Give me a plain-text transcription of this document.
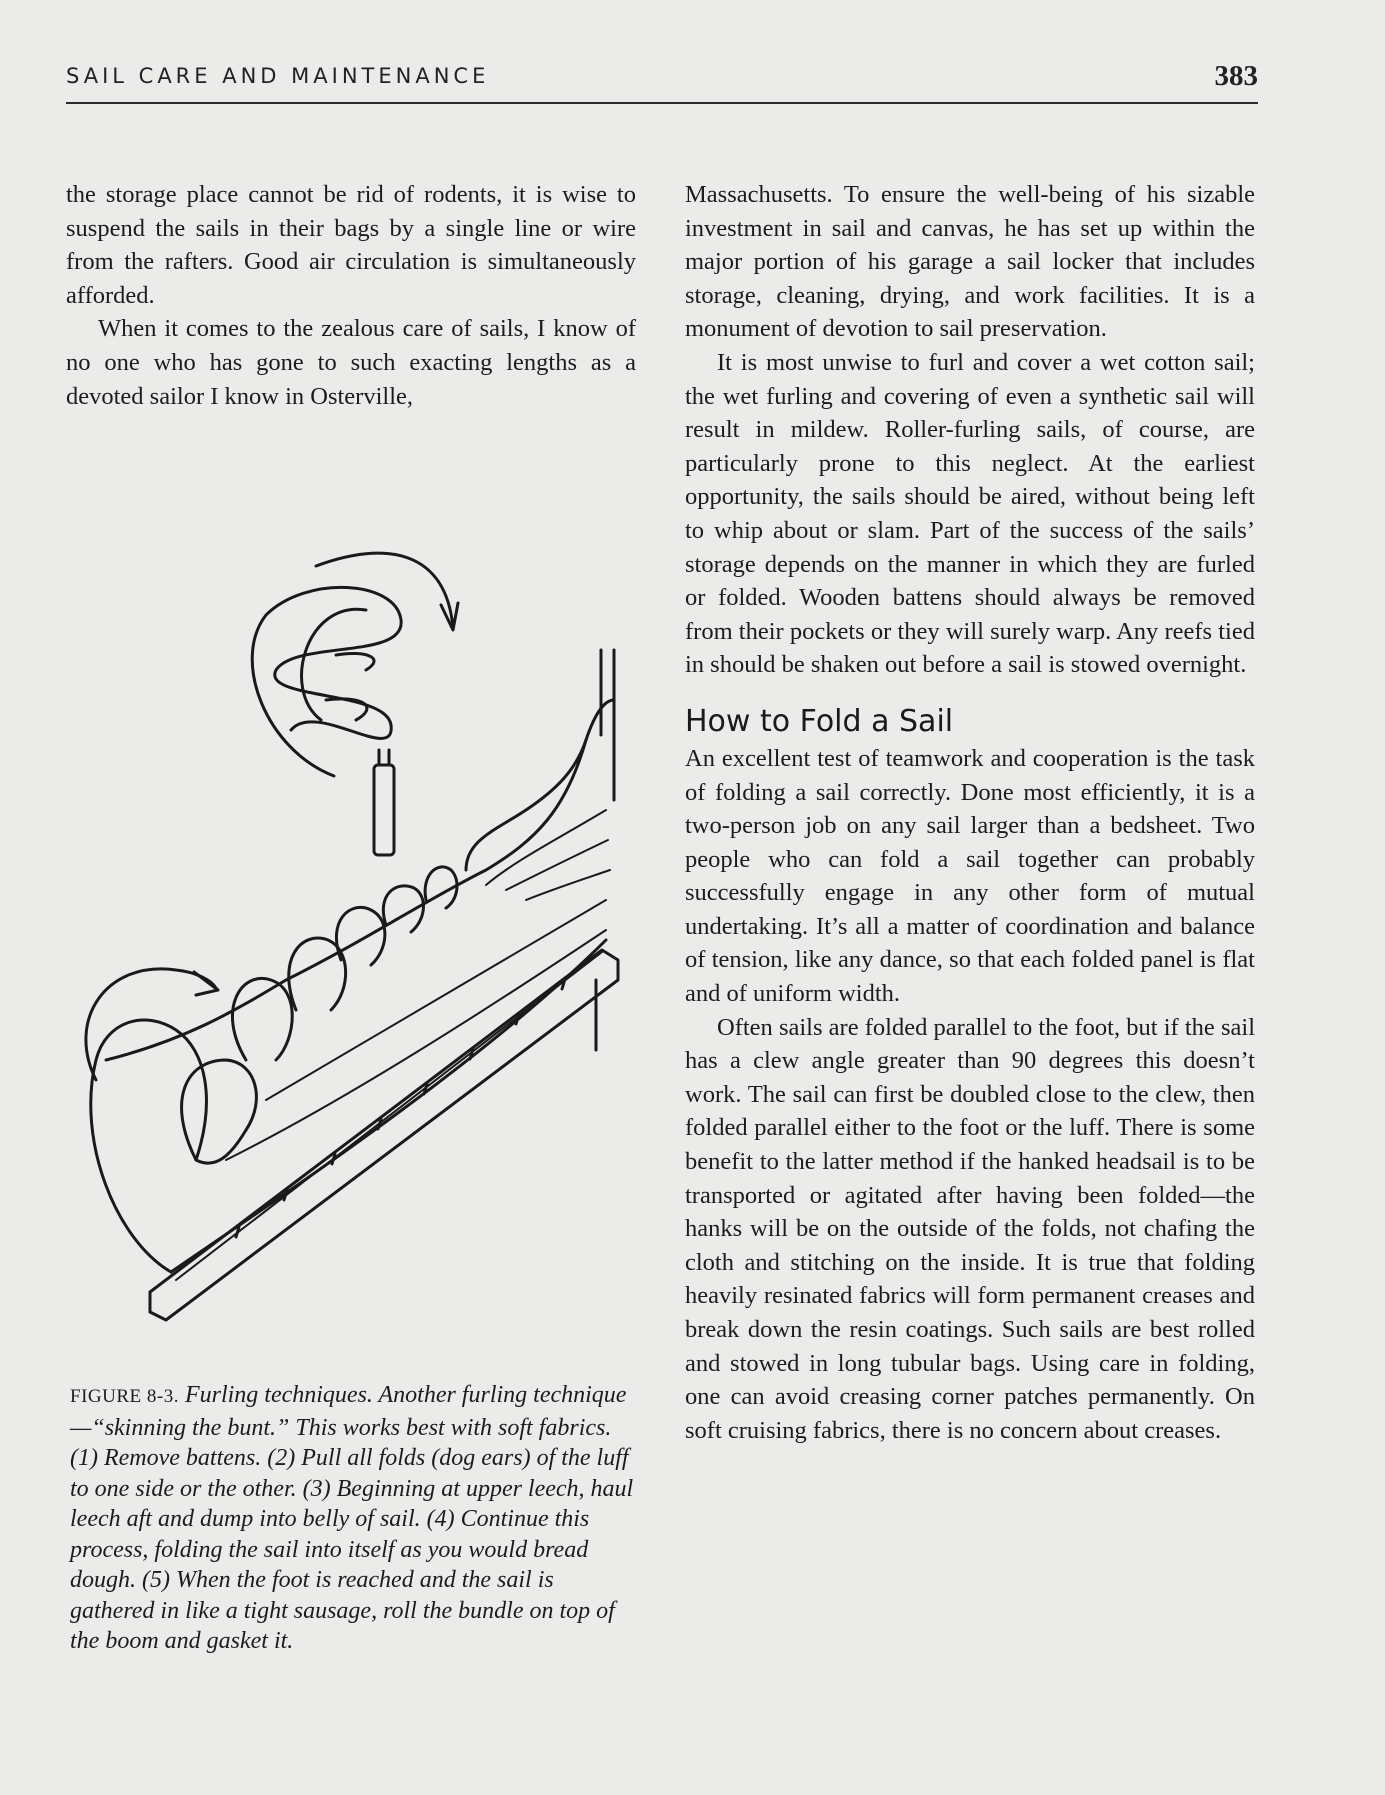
SAIL CARE AND MAINTENANCE	383

the storage place cannot be rid of rodents, it is wise to suspend the sails in their bags by a single line or wire from the rafters. Good air circulation is simultaneously afforded.

When it comes to the zealous care of sails, I know of no one who has gone to such exacting lengths as a devoted sailor I know in Osterville,

FIGURE 8-3. Furling techniques. Another furling technique—“skinning the bunt.” This works best with soft fabrics. (1) Remove battens. (2) Pull all folds (dog ears) of the luff to one side or the other. (3) Beginning at upper leech, haul leech aft and dump into belly of sail. (4) Continue this process, folding the sail into itself as you would bread dough. (5) When the foot is reached and the sail is gathered in like a tight sausage, roll the bundle on top of the boom and gasket it.

Massachusetts. To ensure the well-being of his sizable investment in sail and canvas, he has set up within the major portion of his garage a sail locker that includes storage, cleaning, drying, and work facilities. It is a monument of devotion to sail preservation.

It is most unwise to furl and cover a wet cotton sail; the wet furling and covering of even a synthetic sail will result in mildew. Roller-furling sails, of course, are particularly prone to this neglect. At the earliest opportunity, the sails should be aired, without being left to whip about or slam. Part of the success of the sails’ storage depends on the manner in which they are furled or folded. Wooden battens should always be removed from their pockets or they will surely warp. Any reefs tied in should be shaken out before a sail is stowed overnight.

How to Fold a Sail

An excellent test of teamwork and cooperation is the task of folding a sail correctly. Done most efficiently, it is a two-person job on any sail larger than a bedsheet. Two people who can fold a sail together can probably successfully engage in any other form of mutual undertaking. It’s all a matter of coordination and balance of tension, like any dance, so that each folded panel is flat and of uniform width.

Often sails are folded parallel to the foot, but if the sail has a clew angle greater than 90 degrees this doesn’t work. The sail can first be doubled close to the clew, then folded parallel either to the foot or the luff. There is some benefit to the latter method if the hanked headsail is to be transported or agitated after having been folded—the hanks will be on the outside of the folds, not chafing the cloth and stitching on the inside. It is true that folding heavily resinated fabrics will form permanent creases and break down the resin coatings. Such sails are best rolled and stowed in long tubular bags. Using care in folding, one can avoid creasing corner patches permanently. On soft cruising fabrics, there is no concern about creases.
